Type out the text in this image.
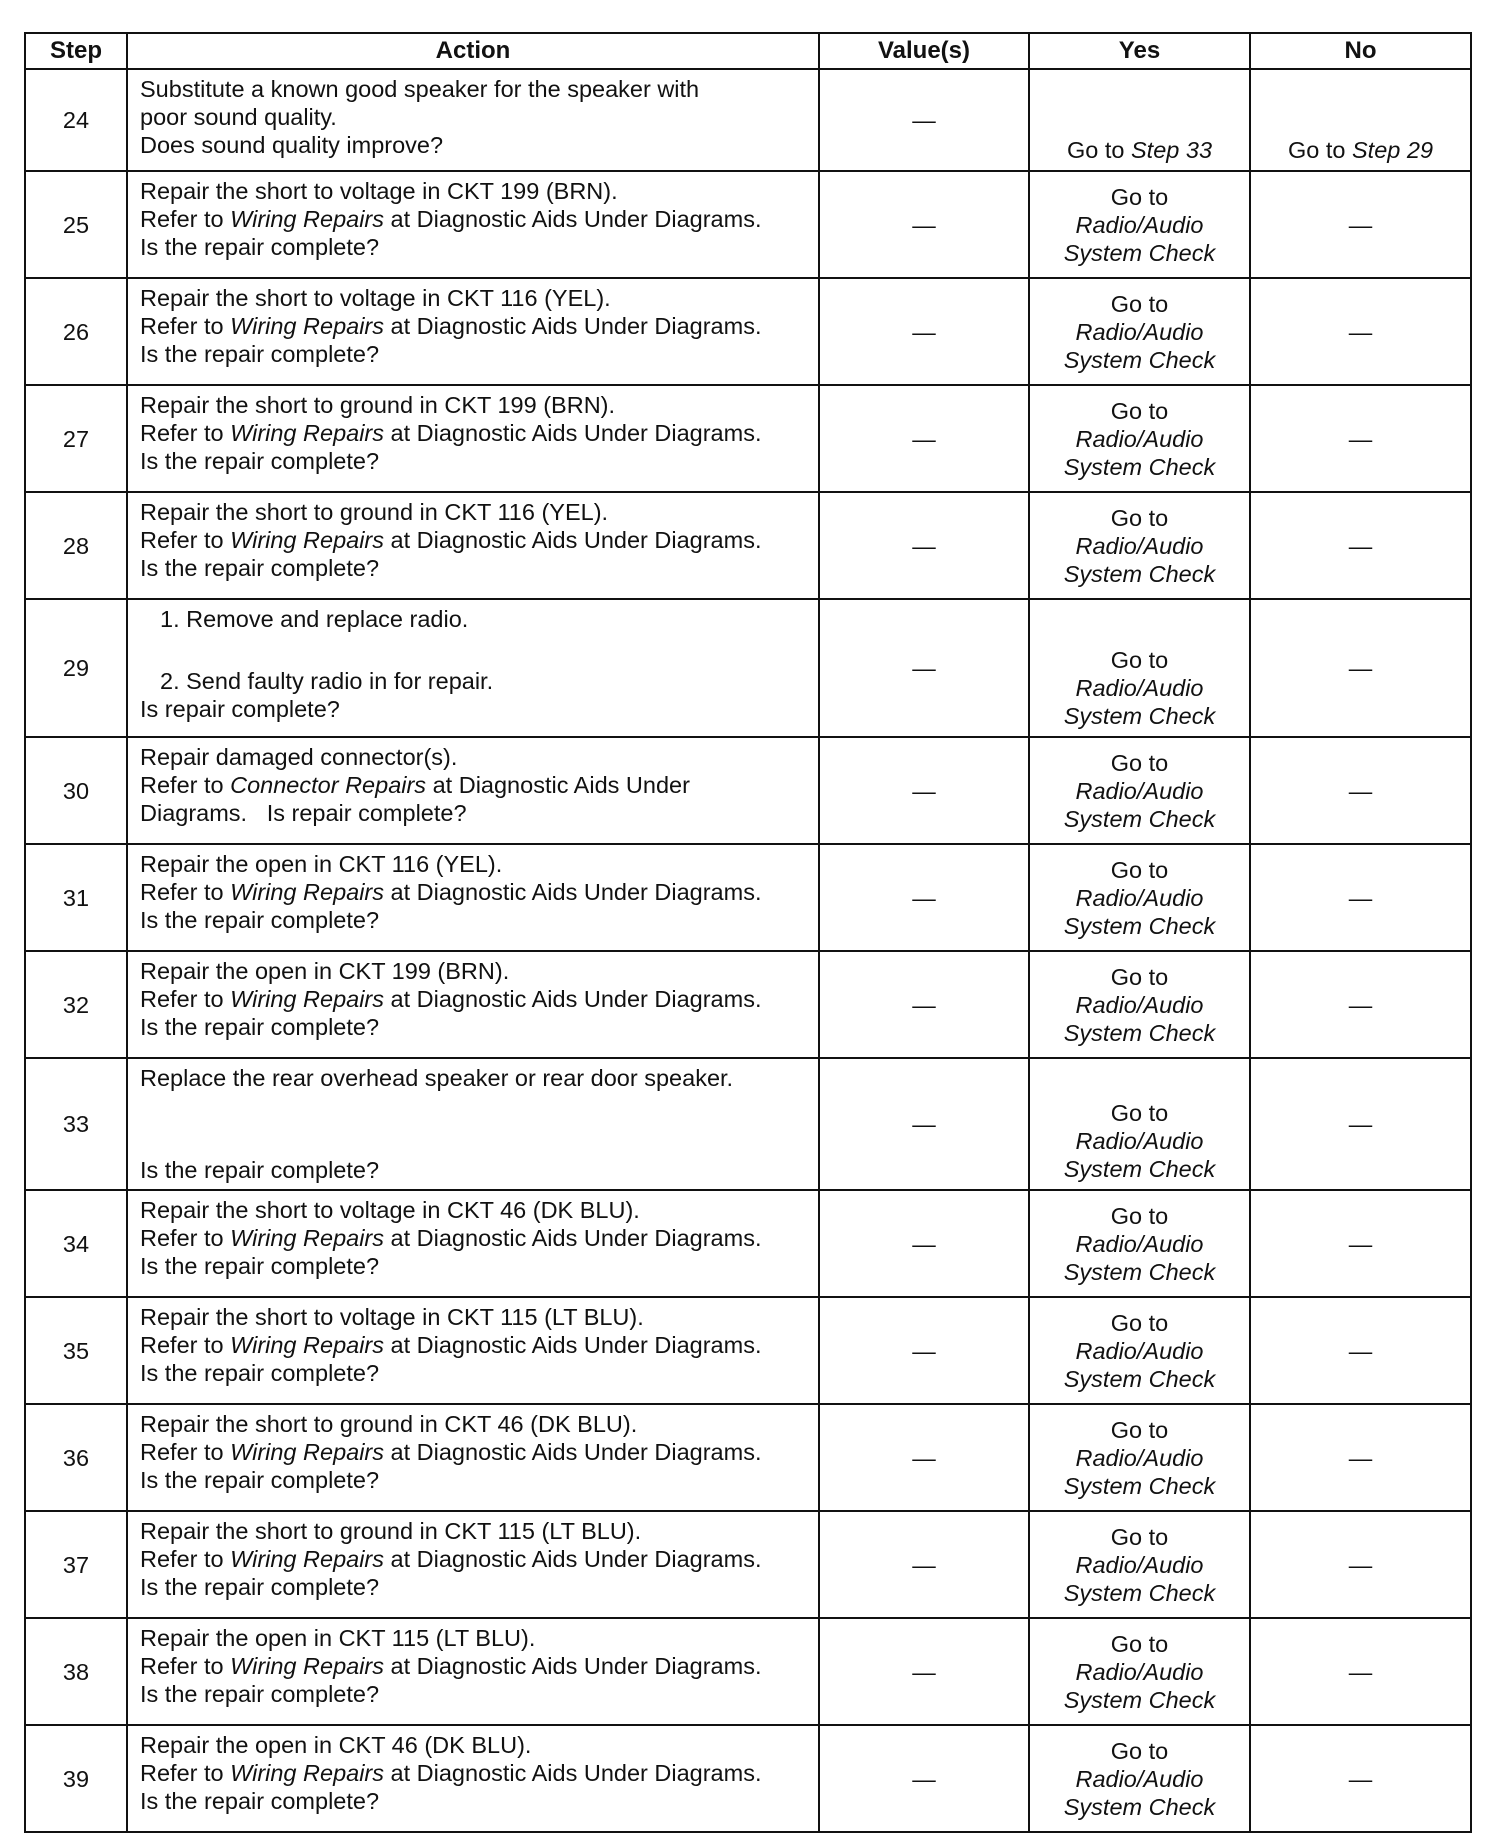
Step	Action	Value(s)	Yes	No
24	Substitute a known good speaker for the speaker with
poor sound quality.
Does sound quality improve?	—	Go to Step 33	Go to Step 29
25	Repair the short to voltage in CKT 199 (BRN).
Refer to Wiring Repairs at Diagnostic Aids Under Diagrams.
Is the repair complete?	—	Go to
Radio/Audio
System Check	—
26	Repair the short to voltage in CKT 116 (YEL).
Refer to Wiring Repairs at Diagnostic Aids Under Diagrams.
Is the repair complete?	—	Go to
Radio/Audio
System Check	—
27	Repair the short to ground in CKT 199 (BRN).
Refer to Wiring Repairs at Diagnostic Aids Under Diagrams.
Is the repair complete?	—	Go to
Radio/Audio
System Check	—
28	Repair the short to ground in CKT 116 (YEL).
Refer to Wiring Repairs at Diagnostic Aids Under Diagrams.
Is the repair complete?	—	Go to
Radio/Audio
System Check	—
29	1. Remove and replace radio.
2. Send faulty radio in for repair.
Is repair complete?	—	Go to
Radio/Audio
System Check	—
30	Repair damaged connector(s).
Refer to Connector Repairs at Diagnostic Aids Under
Diagrams. Is repair complete?	—	Go to
Radio/Audio
System Check	—
31	Repair the open in CKT 116 (YEL).
Refer to Wiring Repairs at Diagnostic Aids Under Diagrams.
Is the repair complete?	—	Go to
Radio/Audio
System Check	—
32	Repair the open in CKT 199 (BRN).
Refer to Wiring Repairs at Diagnostic Aids Under Diagrams.
Is the repair complete?	—	Go to
Radio/Audio
System Check	—
33	Replace the rear overhead speaker or rear door speaker.
Is the repair complete?	—	Go to
Radio/Audio
System Check	—
34	Repair the short to voltage in CKT 46 (DK BLU).
Refer to Wiring Repairs at Diagnostic Aids Under Diagrams.
Is the repair complete?	—	Go to
Radio/Audio
System Check	—
35	Repair the short to voltage in CKT 115 (LT BLU).
Refer to Wiring Repairs at Diagnostic Aids Under Diagrams.
Is the repair complete?	—	Go to
Radio/Audio
System Check	—
36	Repair the short to ground in CKT 46 (DK BLU).
Refer to Wiring Repairs at Diagnostic Aids Under Diagrams.
Is the repair complete?	—	Go to
Radio/Audio
System Check	—
37	Repair the short to ground in CKT 115 (LT BLU).
Refer to Wiring Repairs at Diagnostic Aids Under Diagrams.
Is the repair complete?	—	Go to
Radio/Audio
System Check	—
38	Repair the open in CKT 115 (LT BLU).
Refer to Wiring Repairs at Diagnostic Aids Under Diagrams.
Is the repair complete?	—	Go to
Radio/Audio
System Check	—
39	Repair the open in CKT 46 (DK BLU).
Refer to Wiring Repairs at Diagnostic Aids Under Diagrams.
Is the repair complete?	—	Go to
Radio/Audio
System Check	—
